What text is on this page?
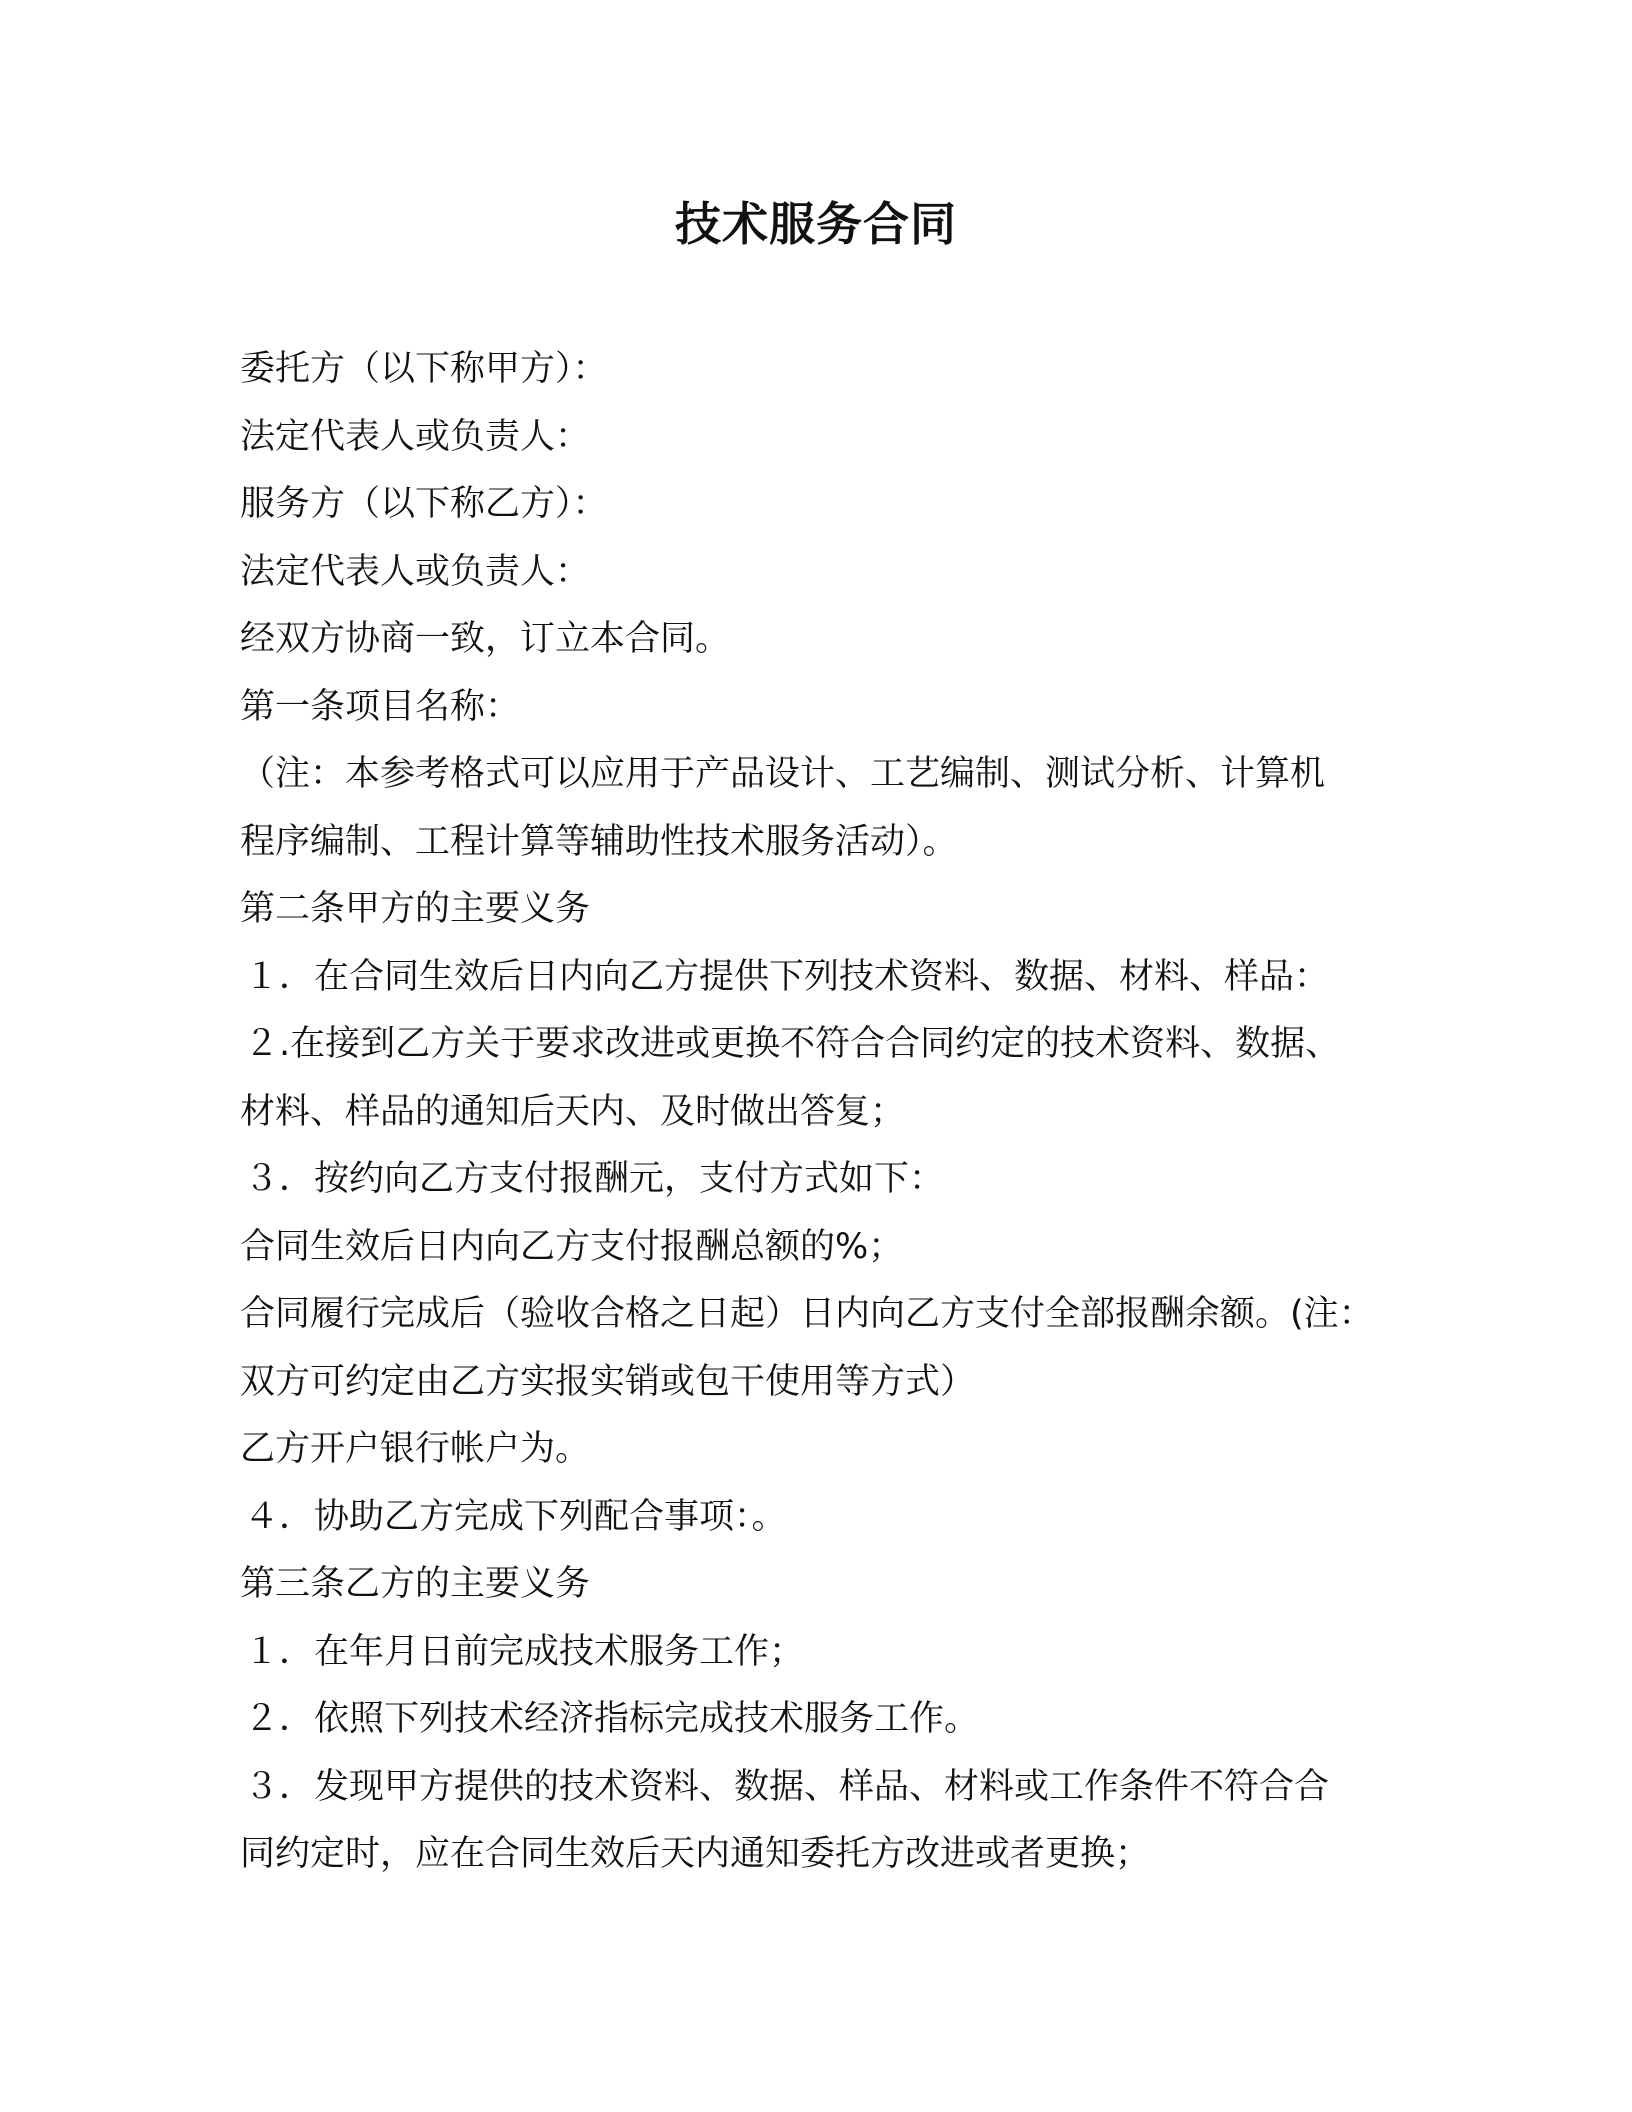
技术服务合同
委托方（以下称甲方）：
法定代表人或负责人：
服务方（以下称乙方）：
法定代表人或负责人：
经双方协商一致，订立本合同。
第一条项目名称：
（注：本参考格式可以应用于产品设计、工艺编制、测试分析、计算机
程序编制、工程计算等辅助性技术服务活动）。
第二条甲方的主要义务
１．在合同生效后日内向乙方提供下列技术资料、数据、材料、样品：
２.在接到乙方关于要求改进或更换不符合合同约定的技术资料、数据、
材料、样品的通知后天内、及时做出答复；
３．按约向乙方支付报酬元，支付方式如下：
合同生效后日内向乙方支付报酬总额的%；
合同履行完成后（验收合格之日起）日内向乙方支付全部报酬余额。(注：
双方可约定由乙方实报实销或包干使用等方式）
乙方开户银行帐户为。
４．协助乙方完成下列配合事项：。
第三条乙方的主要义务
１．在年月日前完成技术服务工作；
２．依照下列技术经济指标完成技术服务工作。
３．发现甲方提供的技术资料、数据、样品、材料或工作条件不符合合
同约定时，应在合同生效后天内通知委托方改进或者更换；
